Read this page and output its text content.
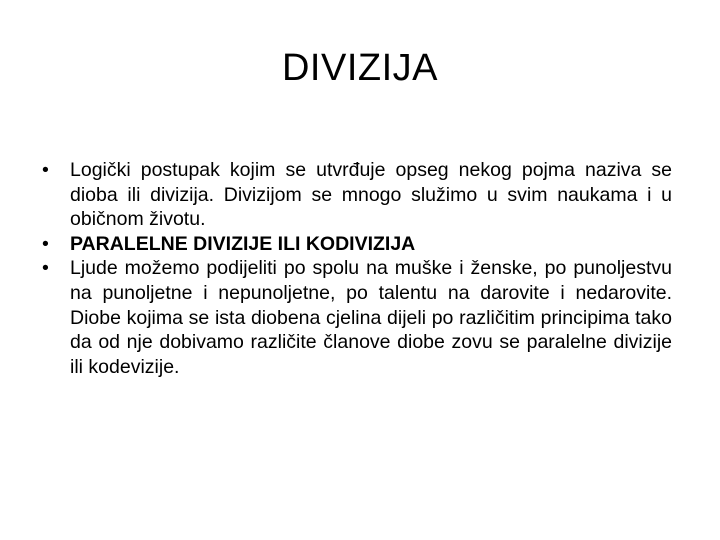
DIVIZIJA
•	Logički postupak kojim se utvrđuje opseg nekog pojma naziva se dioba ili divizija. Divizijom se mnogo služimo u svim naukama i u običnom životu.
•	PARALELNE DIVIZIJE ILI KODIVIZIJA
•	Ljude možemo podijeliti po spolu na muške i ženske, po punoljestvu na punoljetne i nepunoljetne, po talentu na darovite i nedarovite. Diobe kojima se ista diobena cjelina dijeli po različitim principima tako da od nje dobivamo različite članove diobe zovu se paralelne divizije ili kodevizije.
